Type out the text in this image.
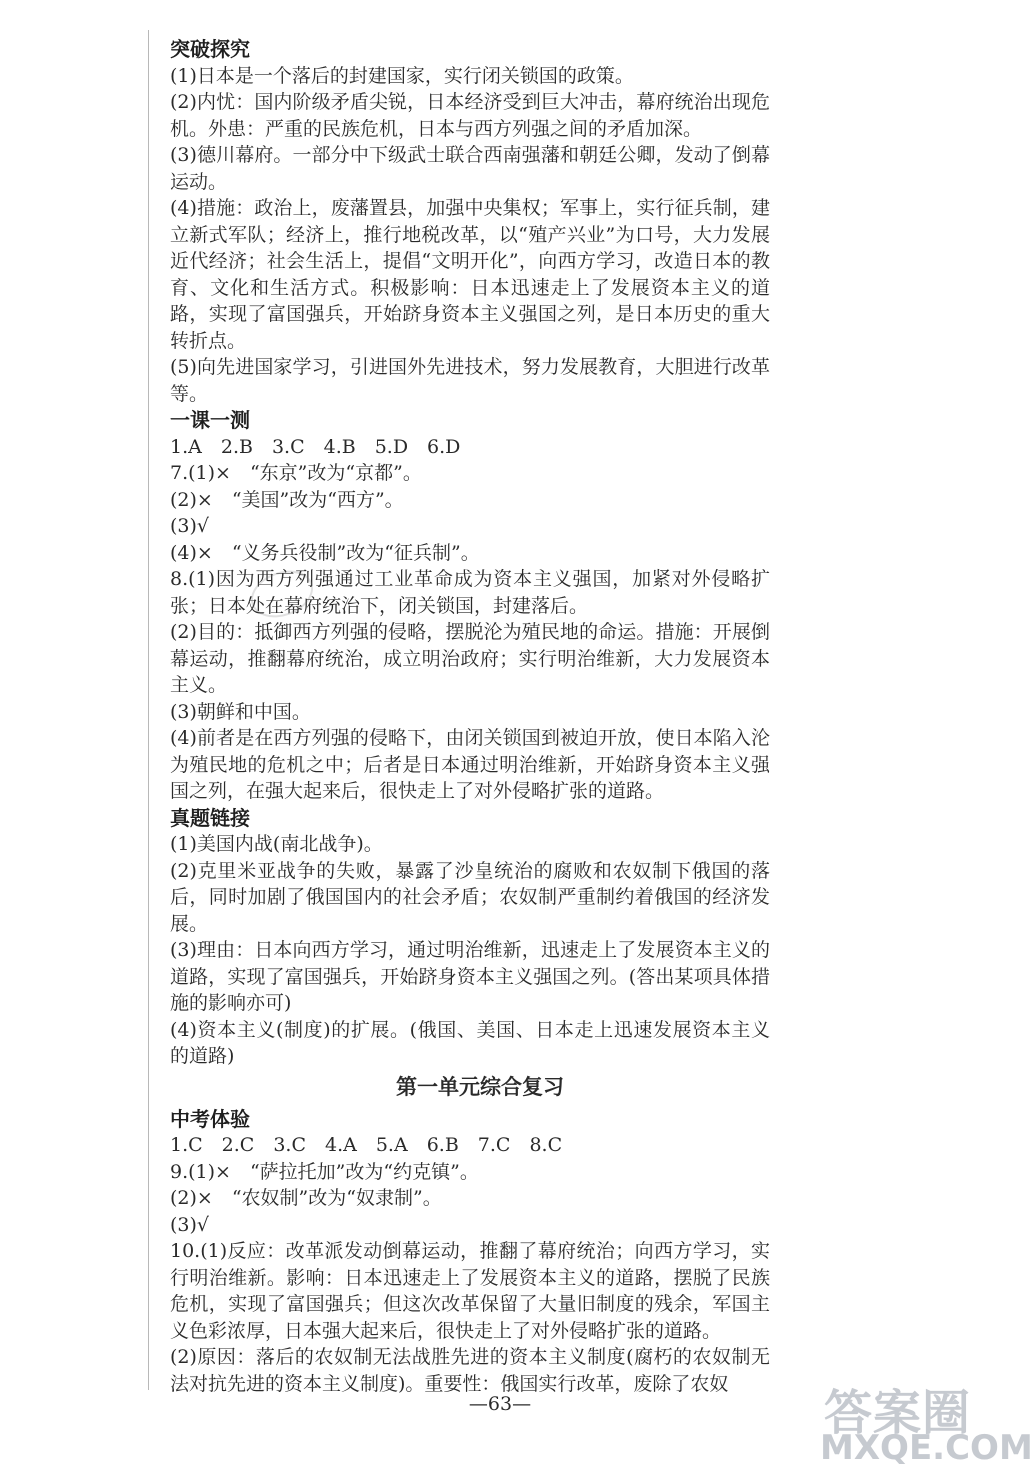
突破探究
(1)日本是一个落后的封建国家，实行闭关锁国的政策。
(2)内忧：国内阶级矛盾尖锐，日本经济受到巨大冲击，幕府统治出现危机。外患：严重的民族危机，日本与西方列强之间的矛盾加深。
(3)德川幕府。一部分中下级武士联合西南强藩和朝廷公卿，发动了倒幕运动。
(4)措施：政治上，废藩置县，加强中央集权；军事上，实行征兵制，建立新式军队；经济上，推行地税改革，以“殖产兴业”为口号，大力发展近代经济；社会生活上，提倡“文明开化”，向西方学习，改造日本的教育、文化和生活方式。积极影响：日本迅速走上了发展资本主义的道路，实现了富国强兵，开始跻身资本主义强国之列，是日本历史的重大转折点。
(5)向先进国家学习，引进国外先进技术，努力发展教育，大胆进行改革等。
一课一测
1.A　2.B　3.C　4.B　5.D　6.D
7.(1)×　“东京”改为“京都”。
(2)×　“美国”改为“西方”。
(3)√
(4)×　“义务兵役制”改为“征兵制”。
8.(1)因为西方列强通过工业革命成为资本主义强国，加紧对外侵略扩张；日本处在幕府统治下，闭关锁国，封建落后。
(2)目的：抵御西方列强的侵略，摆脱沦为殖民地的命运。措施：开展倒幕运动，推翻幕府统治，成立明治政府；实行明治维新，大力发展资本主义。
(3)朝鲜和中国。
(4)前者是在西方列强的侵略下，由闭关锁国到被迫开放，使日本陷入沦为殖民地的危机之中；后者是日本通过明治维新，开始跻身资本主义强国之列，在强大起来后，很快走上了对外侵略扩张的道路。
真题链接
(1)美国内战(南北战争)。
(2)克里米亚战争的失败，暴露了沙皇统治的腐败和农奴制下俄国的落后，同时加剧了俄国国内的社会矛盾；农奴制严重制约着俄国的经济发展。
(3)理由：日本向西方学习，通过明治维新，迅速走上了发展资本主义的道路，实现了富国强兵，开始跻身资本主义强国之列。(答出某项具体措施的影响亦可)
(4)资本主义(制度)的扩展。(俄国、美国、日本走上迅速发展资本主义的道路)
第一单元综合复习
中考体验
1.C　2.C　3.C　4.A　5.A　6.B　7.C　8.C
9.(1)×　“萨拉托加”改为“约克镇”。
(2)×　“农奴制”改为“奴隶制”。
(3)√
10.(1)反应：改革派发动倒幕运动，推翻了幕府统治；向西方学习，实行明治维新。影响：日本迅速走上了发展资本主义的道路，摆脱了民族危机，实现了富国强兵；但这次改革保留了大量旧制度的残余，军国主义色彩浓厚，日本强大起来后，很快走上了对外侵略扩张的道路。
(2)原因：落后的农奴制无法战胜先进的资本主义制度(腐朽的农奴制无法对抗先进的资本主义制度)。重要性：俄国实行改革，废除了农奴
—63—	答案圈
MXQE.COM
